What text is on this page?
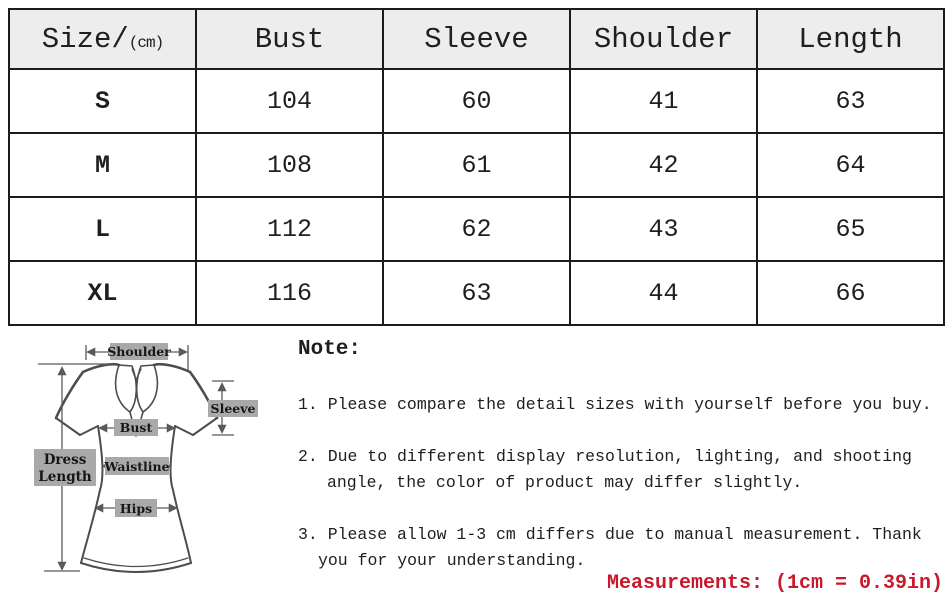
Size/(cm)	Bust	Sleeve	Shoulder	Length
S	104	60	41	63
M	108	61	42	64
L	112	62	43	65
XL	116	63	44	66
Shoulder
Dress
Length
Sleeve
Bust
Waistline
Hips
Note:
1. Please compare the detail sizes with yourself before you buy.
2. Due to different display resolution, lighting, and shooting
angle, the color of product may differ slightly.
3. Please allow 1-3 cm differs due to manual measurement. Thank
you for your understanding.
Measurements: (1cm = 0.39in)
